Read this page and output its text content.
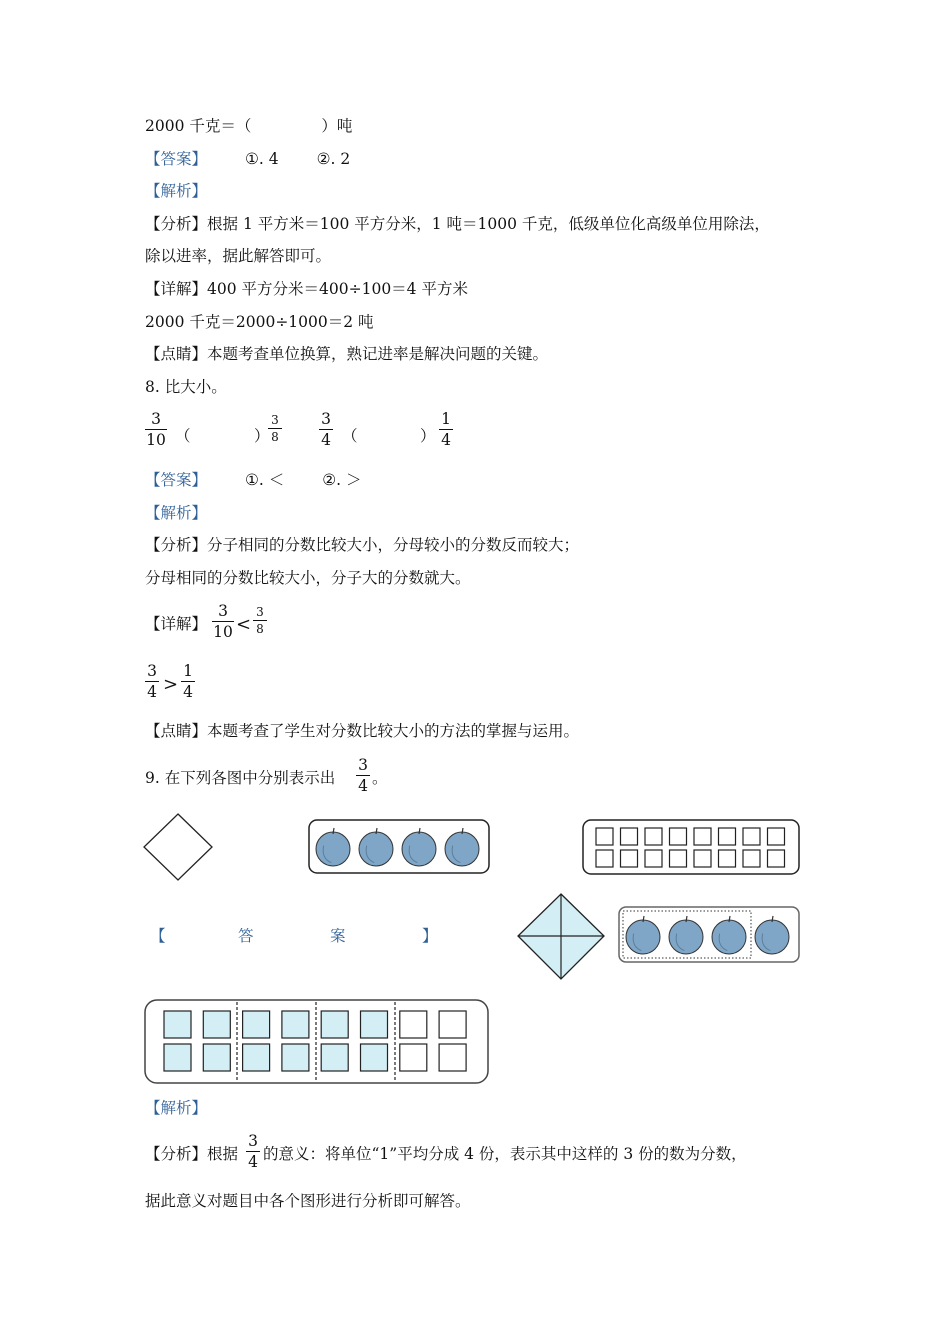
2000 千克＝（	）吨
【答案】 ①. 4 ②. 2
【解析】
【分析】根据 1 平方米＝100 平方分米，1 吨＝1000 千克，低级单位化高级单位用除法，
除以进率，据此解答即可。
【详解】400 平方分米＝400÷100＝4 平方米
2000 千克＝2000÷1000＝2 吨
【点睛】本题考查单位换算，熟记进率是解决问题的关键。
8. 比大小。
3
10 （	）
3
8
3
4 （	）
1
4
【答案】 ①. ＜ ②. ＞
【解析】
【分析】分子相同的分数比较大小，分母较小的分数反而较大；
分母相同的分数比较大小，分子大的分数就大。
【详解】
3
10 <
3
8
3
4 >
1
4
【点睛】本题考查了学生对分数比较大小的方法的掌握与运用。
9. 在下列各图中分别表示出
3
4 。
【	答	案	】
【解析】
【分析】根据
3
4 的意义：将单位“1”平均分成 4 份，表示其中这样的 3 份的数为分数，
据此意义对题目中各个图形进行分析即可解答。
